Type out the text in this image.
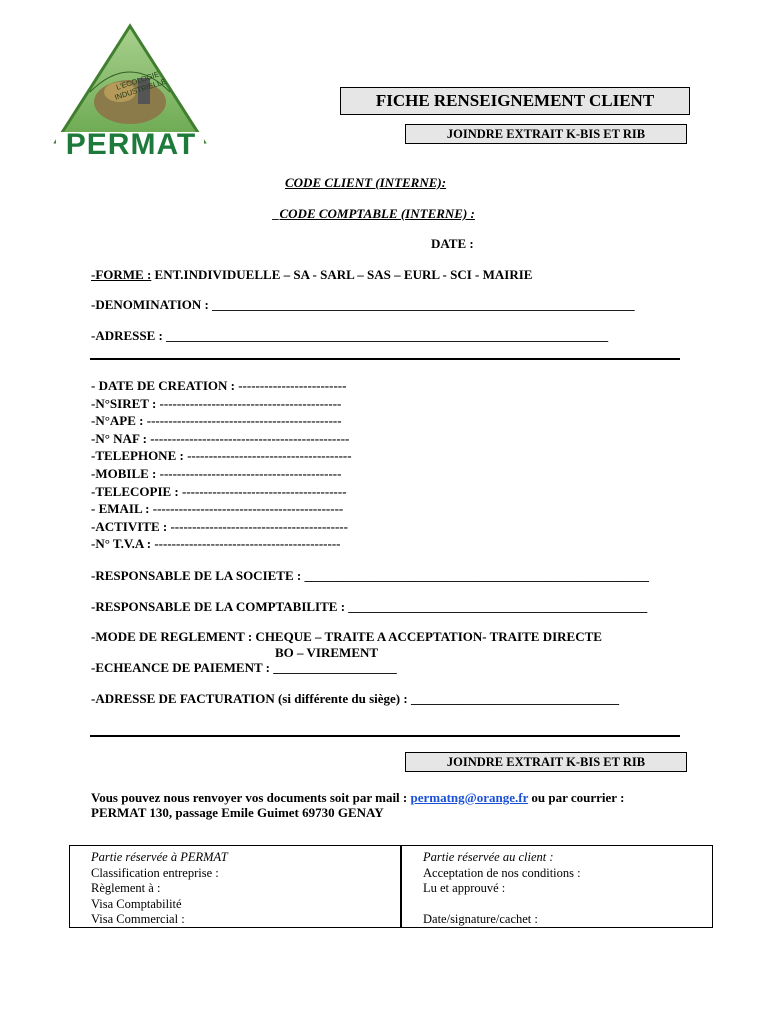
L'ECOLOGIE INDUSTRIELLE
PERMAT
FICHE RENSEIGNEMENT CLIENT
JOINDRE EXTRAIT K-BIS ET RIB
CODE CLIENT (INTERNE):
_CODE COMPTABLE (INTERNE) :
DATE :
-FORME : ENT.INDIVIDUELLE – SA - SARL – SAS – EURL - SCI - MAIRIE
-DENOMINATION : _________________________________________________________________
-ADRESSE : ____________________________________________________________________
- DATE DE CREATION : -------------------------
-N°SIRET : ------------------------------------------
-N°APE : ---------------------------------------------
-N° NAF : ----------------------------------------------
-TELEPHONE : --------------------------------------
-MOBILE : ------------------------------------------
-TELECOPIE : --------------------------------------
- EMAIL : --------------------------------------------
-ACTIVITE : -----------------------------------------
-N° T.V.A : -------------------------------------------
-RESPONSABLE DE LA SOCIETE : _____________________________________________________
-RESPONSABLE DE LA COMPTABILITE : ______________________________________________
-MODE DE REGLEMENT : CHEQUE – TRAITE A ACCEPTATION- TRAITE DIRECTE
BO – VIREMENT
-ECHEANCE DE PAIEMENT : ___________________
-ADRESSE DE FACTURATION (si différente du siège) : ________________________________
JOINDRE EXTRAIT K-BIS ET RIB
Vous pouvez nous renvoyer vos documents soit par mail : permatng@orange.fr ou par courrier :
PERMAT 130, passage Emile Guimet 69730 GENAY
Partie réservée à PERMAT
Classification entreprise :
Règlement à :
Visa Comptabilité
Visa Commercial :
Partie réservée au client :
Acceptation de nos conditions :
Lu et approuvé :
Date/signature/cachet :
